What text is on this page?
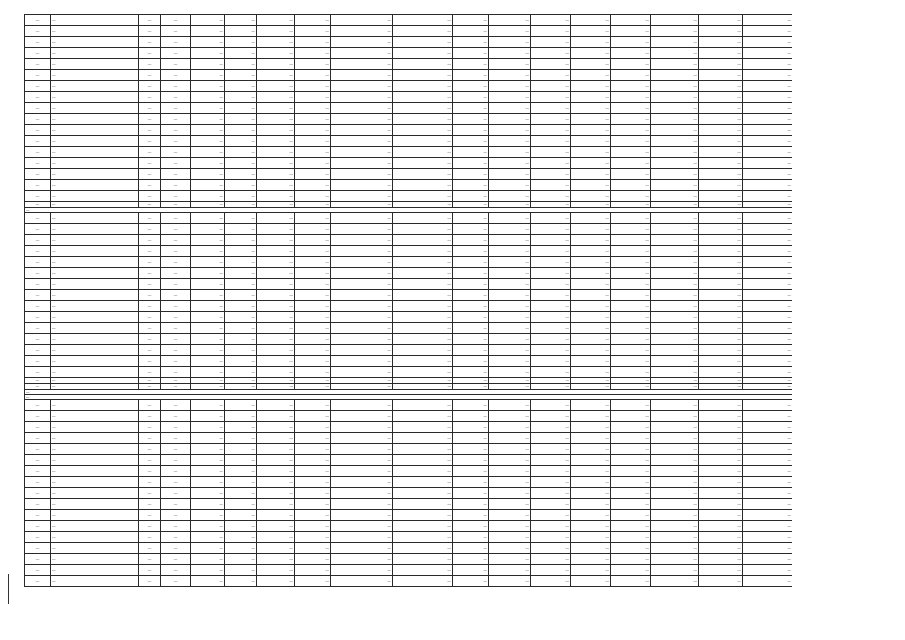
—	—	—	—	—	—	—	—	—	—	—	—	—	—	—	—	—	—
—	—	—	—	—	—	—	—	—	—	—	—	—	—	—	—	—	—
—	—	—	—	—	—	—	—	—	—	—	—	—	—	—	—	—	—
—	—	—	—	—	—	—	—	—	—	—	—	—	—	—	—	—	—
—	—	—	—	—	—	—	—	—	—	—	—	—	—	—	—	—	—
—	—	—	—	—	—	—	—	—	—	—	—	—	—	—	—	—	—
—	—	—	—	—	—	—	—	—	—	—	—	—	—	—	—	—	—
—	—	—	—	—	—	—	—	—	—	—	—	—	—	—	—	—	—
—	—	—	—	—	—	—	—	—	—	—	—	—	—	—	—	—	—
—	—	—	—	—	—	—	—	—	—	—	—	—	—	—	—	—	—
—	—	—	—	—	—	—	—	—	—	—	—	—	—	—	—	—	—
—	—	—	—	—	—	—	—	—	—	—	—	—	—	—	—	—	—
—	—	—	—	—	—	—	—	—	—	—	—	—	—	—	—	—	—
—	—	—	—	—	—	—	—	—	—	—	—	—	—	—	—	—	—
—	—	—	—	—	—	—	—	—	—	—	—	—	—	—	—	—	—
—	—	—	—	—	—	—	—	—	—	—	—	—	—	—	—	—	—
—	—	—	—	—	—	—	—	—	—	—	—	—	—	—	—	—	—
—	—	—	—	—	—	—	—	—	—	—	—	—	—	—	—	—	—
—																	
—	—	—	—	—	—	—	—	—	—	—	—	—	—	—	—	—	—
—	—	—	—	—	—	—	—	—	—	—	—	—	—	—	—	—	—
—	—	—	—	—	—	—	—	—	—	—	—	—	—	—	—	—	—
—	—	—	—	—	—	—	—	—	—	—	—	—	—	—	—	—	—
—	—	—	—	—	—	—	—	—	—	—	—	—	—	—	—	—	—
—	—	—	—	—	—	—	—	—	—	—	—	—	—	—	—	—	—
—	—	—	—	—	—	—	—	—	—	—	—	—	—	—	—	—	—
—	—	—	—	—	—	—	—	—	—	—	—	—	—	—	—	—	—
—	—	—	—	—	—	—	—	—	—	—	—	—	—	—	—	—	—
—	—	—	—	—	—	—	—	—	—	—	—	—	—	—	—	—	—
—	—	—	—	—	—	—	—	—	—	—	—	—	—	—	—	—	—
—	—	—	—	—	—	—	—	—	—	—	—	—	—	—	—	—	—
—	—	—	—	—	—	—	—	—	—	—	—	—	—	—	—	—	—
—	—	—	—	—	—	—	—	—	—	—	—	—	—	—	—	—	—
—	—	—	—	—	—	—	—	—	—	—	—	—	—	—	—	—	—
—	—	—	—	—	—	—	—	—	—	—	—	—	—	—	—	—	—
—	—	—	—	—	—	—	—	—	—	—	—	—	—	—	—	—	—
—																	
—																	
—	—	—	—	—	—	—	—	—	—	—	—	—	—	—	—	—	—
—	—	—	—	—	—	—	—	—	—	—	—	—	—	—	—	—	—
—	—	—	—	—	—	—	—	—	—	—	—	—	—	—	—	—	—
—	—	—	—	—	—	—	—	—	—	—	—	—	—	—	—	—	—
—	—	—	—	—	—	—	—	—	—	—	—	—	—	—	—	—	—
—	—	—	—	—	—	—	—	—	—	—	—	—	—	—	—	—	—
—	—	—	—	—	—	—	—	—	—	—	—	—	—	—	—	—	—
—	—	—	—	—	—	—	—	—	—	—	—	—	—	—	—	—	—
—	—	—	—	—	—	—	—	—	—	—	—	—	—	—	—	—	—
—	—	—	—	—	—	—	—	—	—	—	—	—	—	—	—	—	—
—	—	—	—	—	—	—	—	—	—	—	—	—	—	—	—	—	—
—	—	—	—	—	—	—	—	—	—	—	—	—	—	—	—	—	—
—	—	—	—	—	—	—	—	—	—	—	—	—	—	—	—	—	—
—	—	—	—	—	—	—	—	—	—	—	—	—	—	—	—	—	—
—	—	—	—	—	—	—	—	—	—	—	—	—	—	—	—	—	—
—	—	—	—	—	—	—	—	—	—	—	—	—	—	—	—	—	—
—	—	—	—	—	—	—	—	—	—	—	—	—	—	—	—	—	—
